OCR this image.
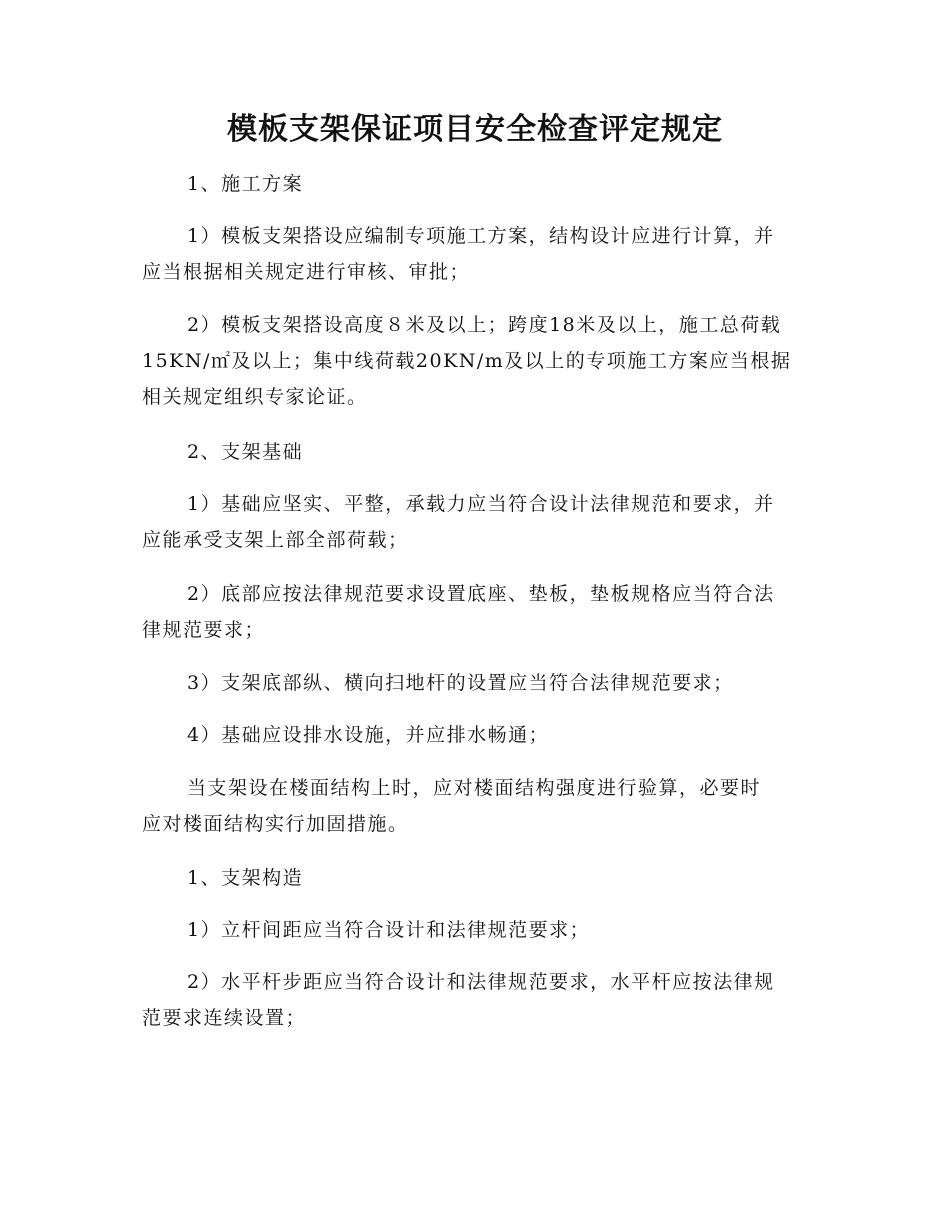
模板支架保证项目安全检查评定规定
1、施工方案
1）模板支架搭设应编制专项施工方案，结构设计应进行计算，并
应当根据相关规定进行审核、审批；
2）模板支架搭设高度８米及以上；跨度18米及以上，施工总荷载
15KN/㎡及以上；集中线荷载20KN/m及以上的专项施工方案应当根据
相关规定组织专家论证。
2、支架基础
1）基础应坚实、平整，承载力应当符合设计法律规范和要求，并
应能承受支架上部全部荷载；
2）底部应按法律规范要求设置底座、垫板，垫板规格应当符合法
律规范要求；
3）支架底部纵、横向扫地杆的设置应当符合法律规范要求；
4）基础应设排水设施，并应排水畅通；
当支架设在楼面结构上时，应对楼面结构强度进行验算，必要时
应对楼面结构实行加固措施。
1、支架构造
1）立杆间距应当符合设计和法律规范要求；
2）水平杆步距应当符合设计和法律规范要求，水平杆应按法律规
范要求连续设置；
